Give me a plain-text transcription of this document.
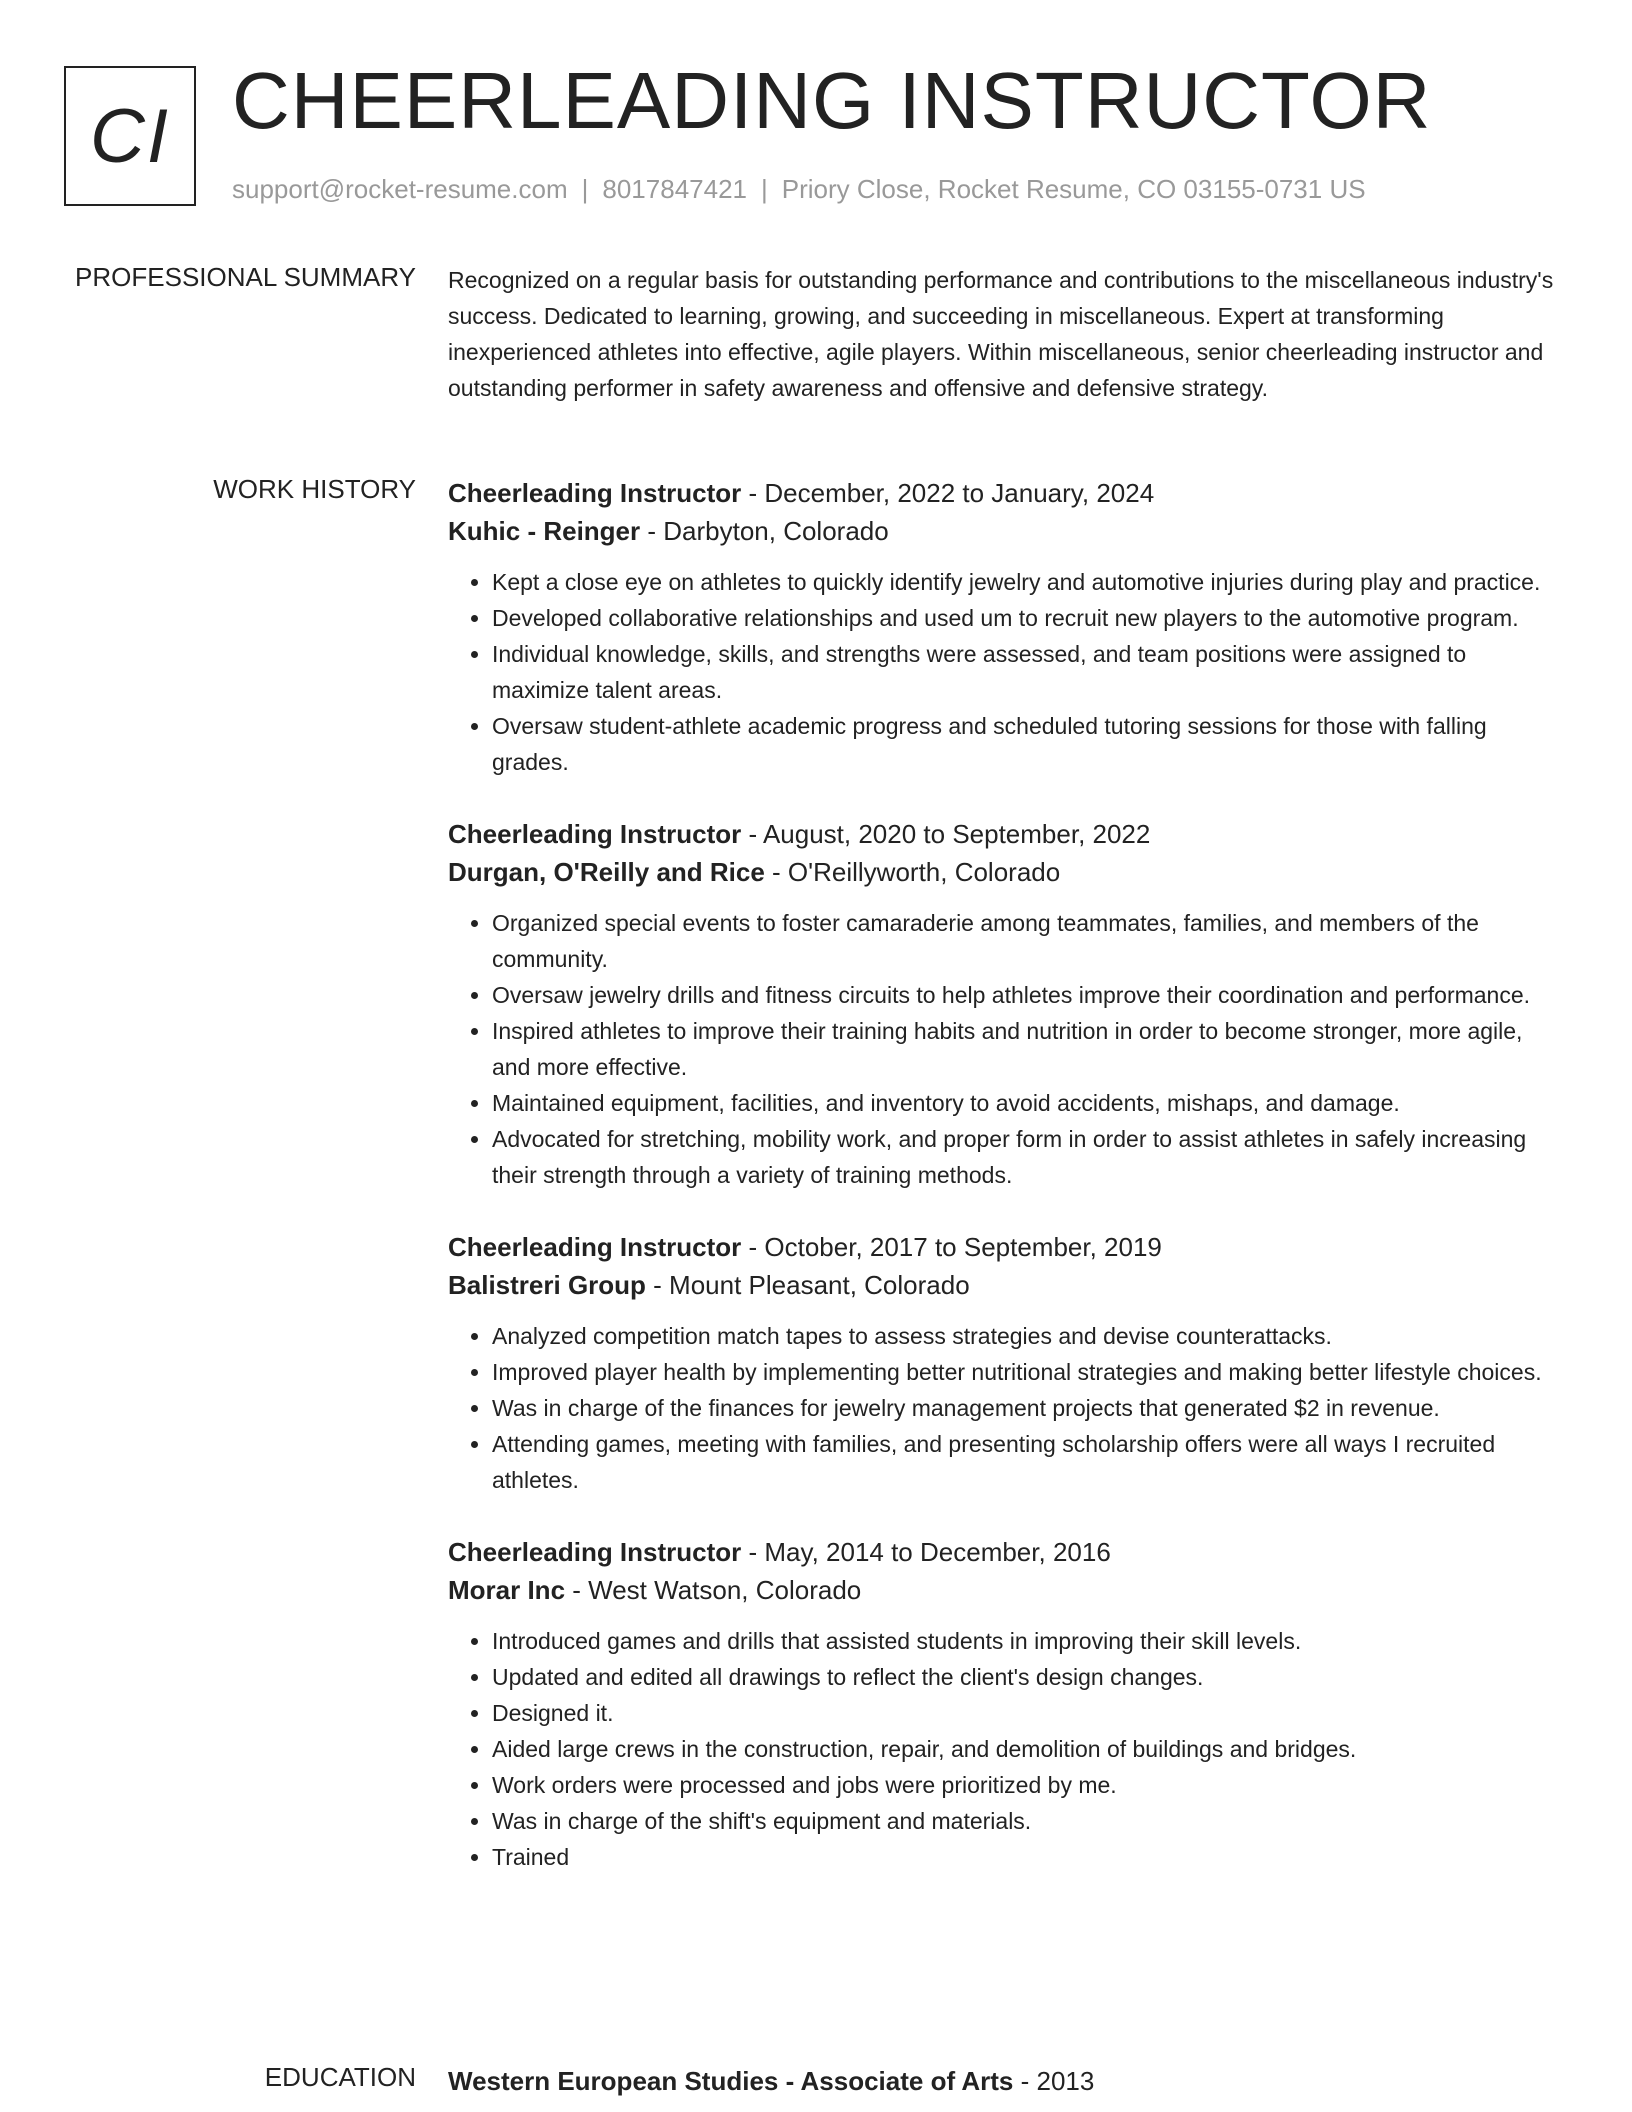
CI CHEERLEADING INSTRUCTOR
support@rocket-resume.com | 8017847421 | Priory Close, Rocket Resume, CO 03155-0731 US
PROFESSIONAL SUMMARY Recognized on a regular basis for outstanding performance and contributions to the miscellaneous industry's success. Dedicated to learning, growing, and succeeding in miscellaneous. Expert at transforming inexperienced athletes into effective, agile players. Within miscellaneous, senior cheerleading instructor and outstanding performer in safety awareness and offensive and defensive strategy.

WORK HISTORY Cheerleading Instructor - December, 2022 to January, 2024
Kuhic - Reinger - Darbyton, Colorado
• Kept a close eye on athletes to quickly identify jewelry and automotive injuries during play and practice.
• Developed collaborative relationships and used um to recruit new players to the automotive program.
• Individual knowledge, skills, and strengths were assessed, and team positions were assigned to maximize talent areas.
• Oversaw student-athlete academic progress and scheduled tutoring sessions for those with falling grades.
Cheerleading Instructor - August, 2020 to September, 2022
Durgan, O'Reilly and Rice - O'Reillyworth, Colorado
• Organized special events to foster camaraderie among teammates, families, and members of the community.
• Oversaw jewelry drills and fitness circuits to help athletes improve their coordination and performance.
• Inspired athletes to improve their training habits and nutrition in order to become stronger, more agile, and more effective.
• Maintained equipment, facilities, and inventory to avoid accidents, mishaps, and damage.
• Advocated for stretching, mobility work, and proper form in order to assist athletes in safely increasing their strength through a variety of training methods.
Cheerleading Instructor - October, 2017 to September, 2019
Balistreri Group - Mount Pleasant, Colorado
• Analyzed competition match tapes to assess strategies and devise counterattacks.
• Improved player health by implementing better nutritional strategies and making better lifestyle choices.
• Was in charge of the finances for jewelry management projects that generated $2 in revenue.
• Attending games, meeting with families, and presenting scholarship offers were all ways I recruited athletes.
Cheerleading Instructor - May, 2014 to December, 2016
Morar Inc - West Watson, Colorado
• Introduced games and drills that assisted students in improving their skill levels.
• Updated and edited all drawings to reflect the client's design changes.
• Designed it.
• Aided large crews in the construction, repair, and demolition of buildings and bridges.
• Work orders were processed and jobs were prioritized by me.
• Was in charge of the shift's equipment and materials.
• Trained
EDUCATION Western European Studies - Associate of Arts - 2013
